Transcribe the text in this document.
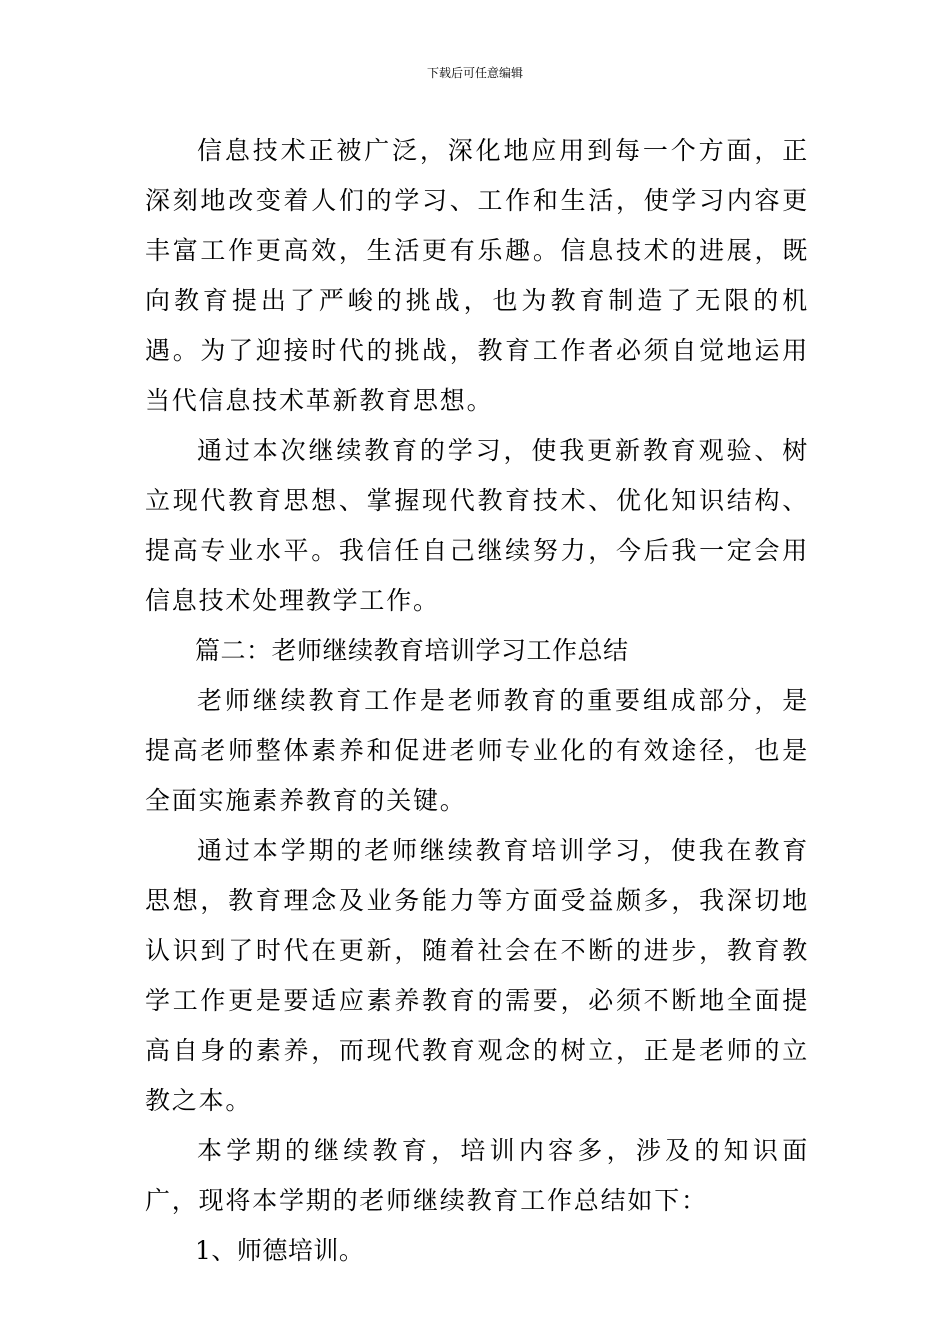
下载后可任意编辑

信息技术正被广泛，深化地应用到每一个方面，正深刻地改变着人们的学习、工作和生活，使学习内容更丰富工作更高效，生活更有乐趣。信息技术的进展，既向教育提出了严峻的挑战，也为教育制造了无限的机遇。为了迎接时代的挑战，教育工作者必须自觉地运用当代信息技术革新教育思想。

通过本次继续教育的学习，使我更新教育观验、树立现代教育思想、掌握现代教育技术、优化知识结构、提高专业水平。我信任自己继续努力，今后我一定会用信息技术处理教学工作。

篇二：老师继续教育培训学习工作总结

老师继续教育工作是老师教育的重要组成部分，是提高老师整体素养和促进老师专业化的有效途径，也是全面实施素养教育的关键。

通过本学期的老师继续教育培训学习，使我在教育思想，教育理念及业务能力等方面受益颇多，我深切地认识到了时代在更新，随着社会在不断的进步，教育教学工作更是要适应素养教育的需要，必须不断地全面提高自身的素养，而现代教育观念的树立，正是老师的立教之本。

本学期的继续教育，培训内容多，涉及的知识面广，现将本学期的老师继续教育工作总结如下：

1、师德培训。
